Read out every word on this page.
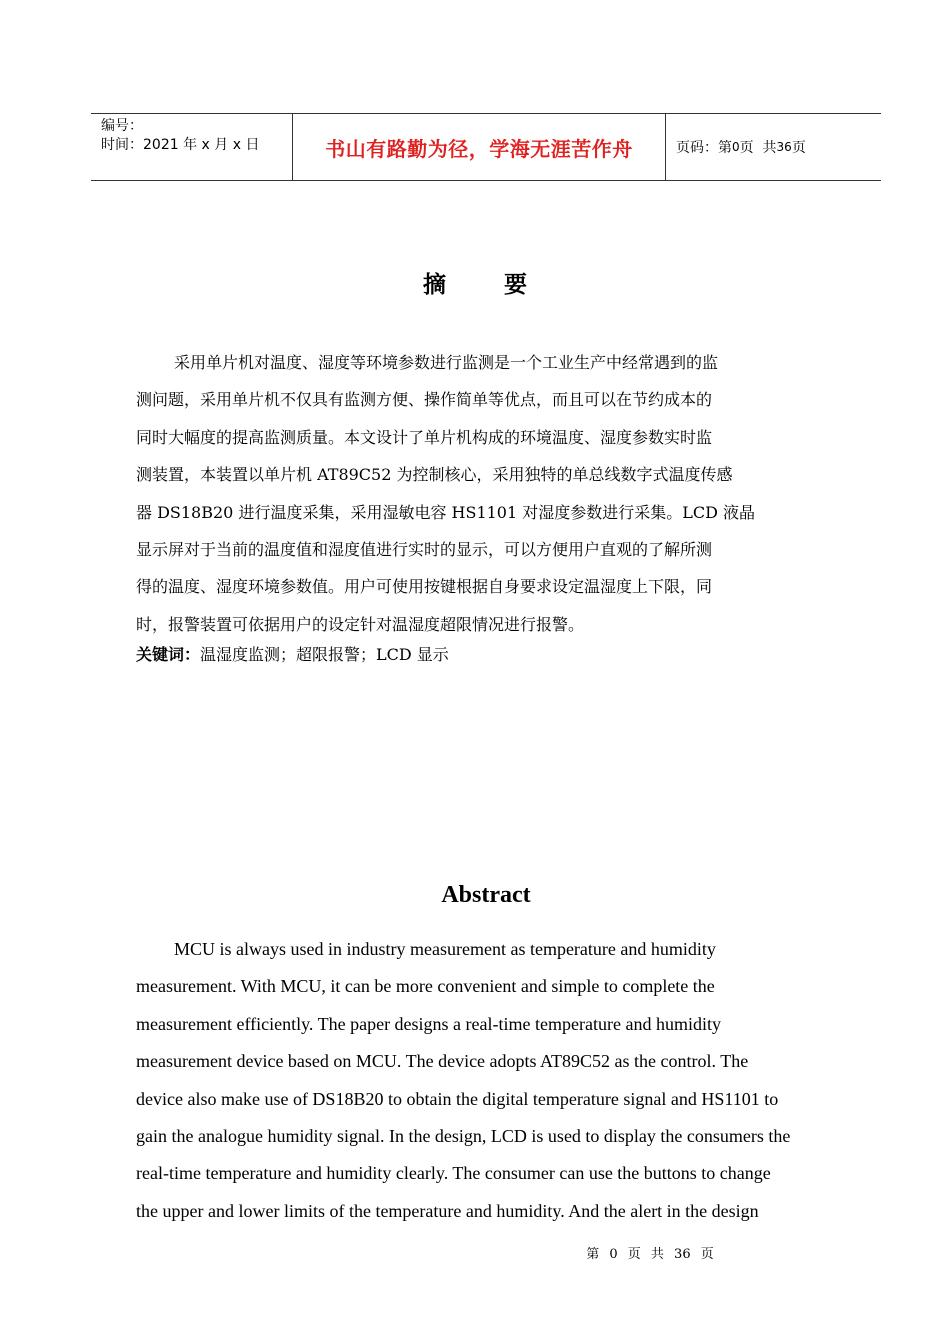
编号：
时间：2021 年 x 月 x 日	书山有路勤为径，学海无涯苦作舟	页码：第 0 页  共 36 页
摘	要
采用单片机对温度、湿度等环境参数进行监测是一个工业生产中经常遇到的监
测问题，采用单片机不仅具有监测方便、操作简单等优点，而且可以在节约成本的
同时大幅度的提高监测质量。本文设计了单片机构成的环境温度、湿度参数实时监
测装置，本装置以单片机 AT89C52 为控制核心，采用独特的单总线数字式温度传感
器 DS18B20 进行温度采集，采用湿敏电容 HS1101 对湿度参数进行采集。LCD 液晶
显示屏对于当前的温度值和湿度值进行实时的显示，可以方便用户直观的了解所测
得的温度、湿度环境参数值。用户可使用按键根据自身要求设定温湿度上下限，同
时，报警装置可依据用户的设定针对温湿度超限情况进行报警。
关键词：温湿度监测；超限报警；LCD 显示
Abstract
MCU is always used in industry measurement as temperature and humidity
measurement. With MCU, it can be more convenient and simple to complete the
measurement efficiently. The paper designs a real-time temperature and humidity
measurement device based on MCU. The device adopts AT89C52 as the control. The
device also make use of DS18B20 to obtain the digital temperature signal and HS1101 to
gain the analogue humidity signal. In the design, LCD is used to display the consumers the
real-time temperature and humidity clearly. The consumer can use the buttons to change
the upper and lower limits of the temperature and humidity. And the alert in the design
第 0 页 共 36 页
